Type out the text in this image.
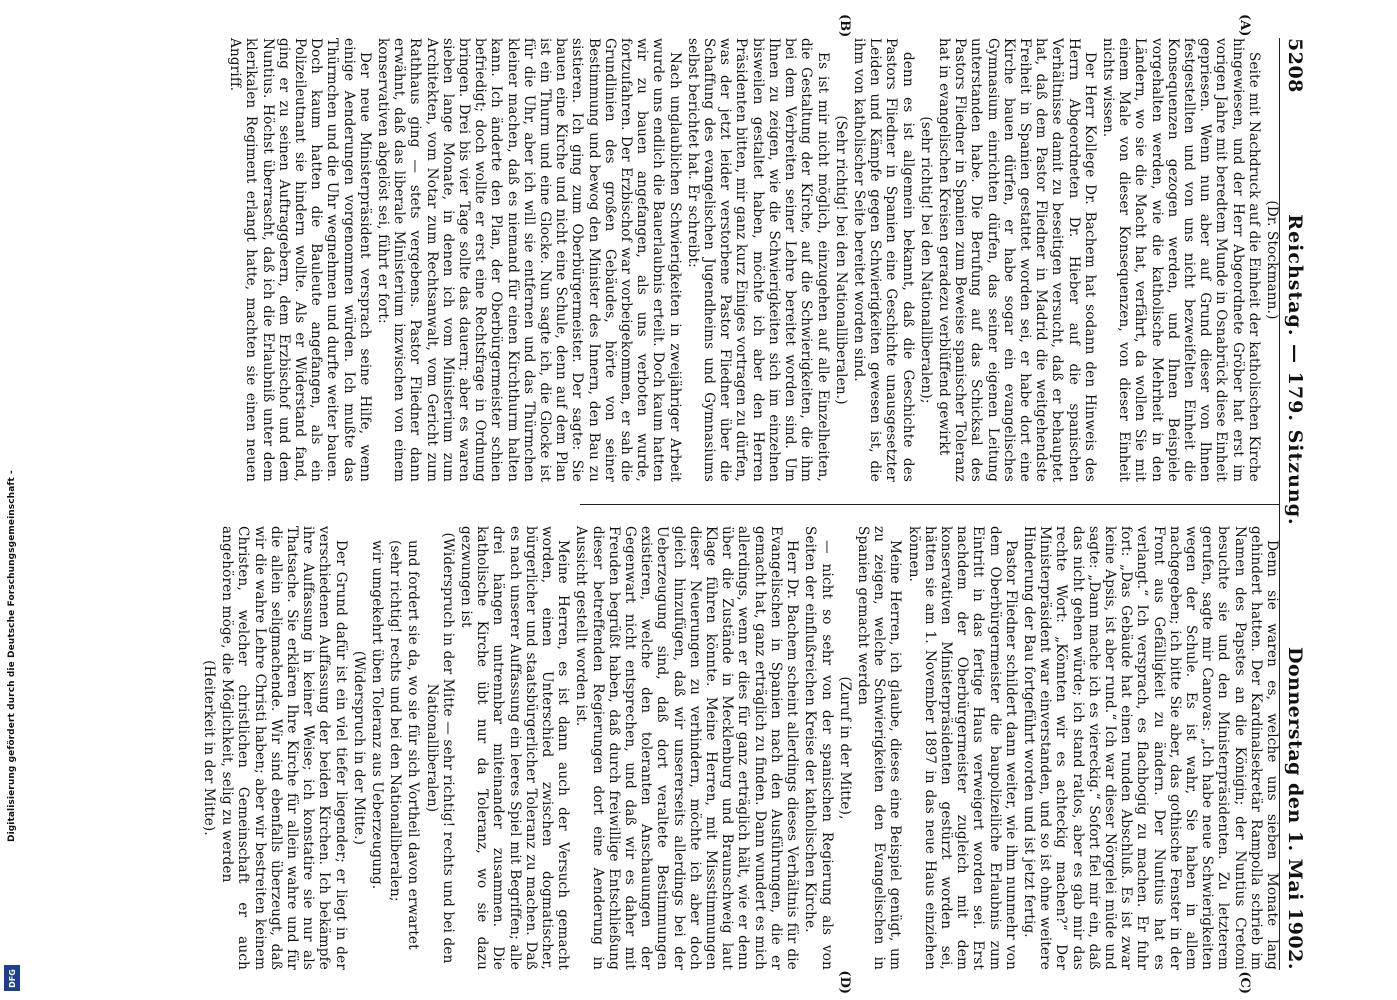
5208
Reichstag. — 179. Sitzung.
Donnerstag den 1. Mai 1902.
(A)
(B)

(Dr. Stockmann.)

Seite mit Nachdruck auf die Einheit der katholischen Kirche hingewiesen, und der Herr Abgeordnete Gröber hat erst im vorigen Jahre mit beredtem Munde in Osnabrück diese Einheit gepriesen. Wenn nun aber auf Grund dieser von Ihnen festgestellten und von uns nicht bezweifelten Einheit die Konsequenzen gezogen werden, und Ihnen Beispiele vorgehalten werden, wie die katholische Mehrheit in den Ländern, wo sie die Macht hat, verfährt, da wollen Sie mit einem Male von dieser Konsequenzen, von dieser Einheit nichts wissen.

Der Herr Kollege Dr. Bachem hat sodann den Hinweis des Herrn Abgeordneten Dr. Hieber auf die spanischen Verhältnisse damit zu beseitigen versucht, daß er behauptet hat, daß dem Pastor Fliedner in Madrid die weitgehendste Freiheit in Spanien gestattet worden sei, er habe dort eine Kirche bauen dürfen, er habe sogar ein evangelisches Gymnasium einrichten dürfen, das seiner eigenen Leitung unterstanden habe. Die Berufung auf das Schicksal des Pastors Fliedner in Spanien zum Beweise spanischer Toleranz hat in evangelischen Kreisen geradezu verblüffend gewirkt

(sehr richtig! bei den Nationalliberalen);

denn es ist allgemein bekannt, daß die Geschichte des Pastors Fliedner in Spanien eine Geschichte unausgesetzter Leiden und Kämpfe gegen Schwierigkeiten gewesen ist, die ihm von katholischer Seite bereitet worden sind.

(Sehr richtig! bei den Nationalliberalen.)

Es ist mir nicht möglich, einzugehen auf alle Einzelheiten, die Gestaltung der Kirche, auf die Schwierigkeiten, die ihm bei dem Verbreiten seiner Lehre bereitet worden sind. Um Ihnen zu zeigen, wie die Schwierigkeiten sich im einzelnen bisweilen gestaltet haben, möchte ich aber den Herren Präsidenten bitten, mir ganz kurz Einiges vortragen zu dürfen, was der jetzt leider verstorbene Pastor Fliedner über die Schaffung des evangelischen Jugendheims und Gymnasiums selbst berichtet hat. Er schreibt:

Nach unglaublichen Schwierigkeiten in zweijähriger Arbeit wurde uns endlich die Bauerlaubnis erteilt. Doch kaum hatten wir zu bauen angefangen, als uns verboten wurde, fortzufahren. Der Erzbischof war vorbeigekommen, er sah die Grundlinien des großen Gebäudes, hörte von seiner Bestimmung und bewog den Minister des Innern, den Bau zu sistieren. Ich ging zum Oberbürgermeister. Der sagte: Sie bauen eine Kirche und nicht eine Schule, denn auf dem Plan ist ein Thurm und eine Glocke. Nun sagte ich, die Glocke ist für die Uhr, aber ich will sie entfernen und das Thürmchen kleiner machen, daß es niemand für einen Kirchthurm halten kann. Ich änderte den Plan, der Oberbürgermeister schien befriedigt; doch wollte er erst eine Rechtsfrage in Ordnung bringen. Drei bis vier Tage sollte das dauern; aber es waren sieben lange Monate, in denen ich vom Ministerium zum Architekten, vom Notar zum Rechtsanwalt, vom Gericht zum Rathhaus ging — stets vergebens. Pastor Fliedner dann erwähnt, daß das liberale Ministerium inzwischen von einem konservativen abgelöst sei, führt er fort:

Der neue Ministerpräsident versprach seine Hilfe, wenn einige Aenderungen vorgenommen würden. Ich mußte das Thürmchen und die Uhr wegnehmen und durfte weiter bauen. Doch kaum hatten die Bauleute angefangen, als ein Polizeileutnant sie hindern wollte. Als er Widerstand fand, ging er zu seinen Auftraggebern, dem Erzbischof und dem Nuntius. Höchst überrascht, daß ich die Erlaubniß unter dem klerikalen Regiment erlangt hatte, machten sie einen neuen Angriff.

(C)
(D)

Denn sie waren es, welche uns sieben Monate lang gehindert hatten. Der Kardinalsekretär Rampolla schrieb im Namen des Papstes an die Königin; der Nuntius Cretoni besuchte sie und den Ministerpräsidenten. Zu letzterem gerufen, sagte mir Canovas: „Ich habe neue Schwierigkeiten wegen der Schule. Es ist wahr, Sie haben in allem nachgegeben; ich bitte Sie aber, das gothische Fenster in der Front aus Gefälligkeit zu ändern. Der Nuntius hat es verlangt.“ Ich versprach, es flachbogig zu machen. Er fuhr fort: „Das Gebäude hat einen runden Abschluß. Es ist zwar keine Apsis, ist aber rund.“ Ich war dieser Nörgelei müde und sagte: „Dann mache ich es viereckig.“ Sofort fiel mir ein, daß das nicht gehen würde; ich stand ratlos, aber es gab mir das rechte Wort: „Könnten wir es achteckig machen?“ Der Ministerpräsident war einverstanden, und so ist ohne weitere Hinderung der Bau fortgeführt worden und ist jetzt fertig.

Pastor Fliedner schildert dann weiter, wie ihm nunmehr von dem Oberbürgermeister die baupolizeiliche Erlaubnis zum Eintritt in das fertige Haus verweigert worden sei. Erst nachdem der Oberbürgermeister zugleich mit dem konservativen Ministerpräsidenten gestürzt worden sei, hätten sie am 1. November 1897 in das neue Haus einziehen können.

Meine Herren, ich glaube, dieses eine Beispiel genügt, um zu zeigen, welche Schwierigkeiten den Evangelischen in Spanien gemacht werden

(Zuruf in der Mitte),

— nicht so sehr von der spanischen Regierung als von Seiten der einflußreichen Kreise der katholischen Kirche.

Herr Dr. Bachem scheint allerdings dieses Verhältnis für die Evangelischen in Spanien nach den Ausführungen, die er gemacht hat, ganz erträglich zu finden. Dann wundert es mich allerdings, wenn er dies für ganz erträglich hält, wie er denn über die Zustände in Mecklenburg und Braunschweig laut Klage führen könnte. Meine Herren, mit Missstimmungen dieser Neuerungen zu verhindern, möchte ich aber doch gleich hinzufügen, daß wir unsererseits allerdings bei der Ueberzeugung sind, daß dort veraltete Bestimmungen existieren, welche den toleranten Anschauungen der Gegenwart nicht entsprechen, und daß wir es daher mit Freuden begrüßt haben, daß durch freiwillige Entschließung dieser betreffenden Regierungen dort eine Aenderung in Aussicht gestellt worden ist.

Meine Herren, es ist dann auch der Versuch gemacht worden, einen Unterschied zwischen dogmatischer, bürgerlicher und staatsbürgerlicher Toleranz zu machen. Daß es nach unserer Auffassung ein leeres Spiel mit Begriffen; alle drei hängen untrennbar miteinander zusammen. Die katholische Kirche übt nur da Toleranz, wo sie dazu gezwungen ist

(Widerspruch in der Mitte — sehr richtig! rechts und bei den Nationalliberalen)

und fordert sie da, wo sie für sich Vortheil davon erwartet

(sehr richtig! rechts und bei den Nationalliberalen;

wir umgekehrt üben Toleranz aus Ueberzeugung.

(Widerspruch in der Mitte.)

Der Grund dafür ist ein viel tiefer liegender; er liegt in der verschiedenen Auffassung der beiden Kirchen. Ich bekämpfe ihre Auffassung in keiner Weise; ich konstatire sie nur als Thatsache. Sie erklären Ihre Kirche für allein wahre und für die allein seligmachende. Wir sind ebenfalls überzeugt, daß wir die wahre Lehre Christi haben; aber wir bestreiten keinem Christen, welcher christlichen Gemeinschaft er auch angehören möge, die Möglichkeit, selig zu werden

(Heiterkeit in der Mitte).

Digitalisierung gefördert durch die Deutsche Forschungsgemeinschaft -
DFG
